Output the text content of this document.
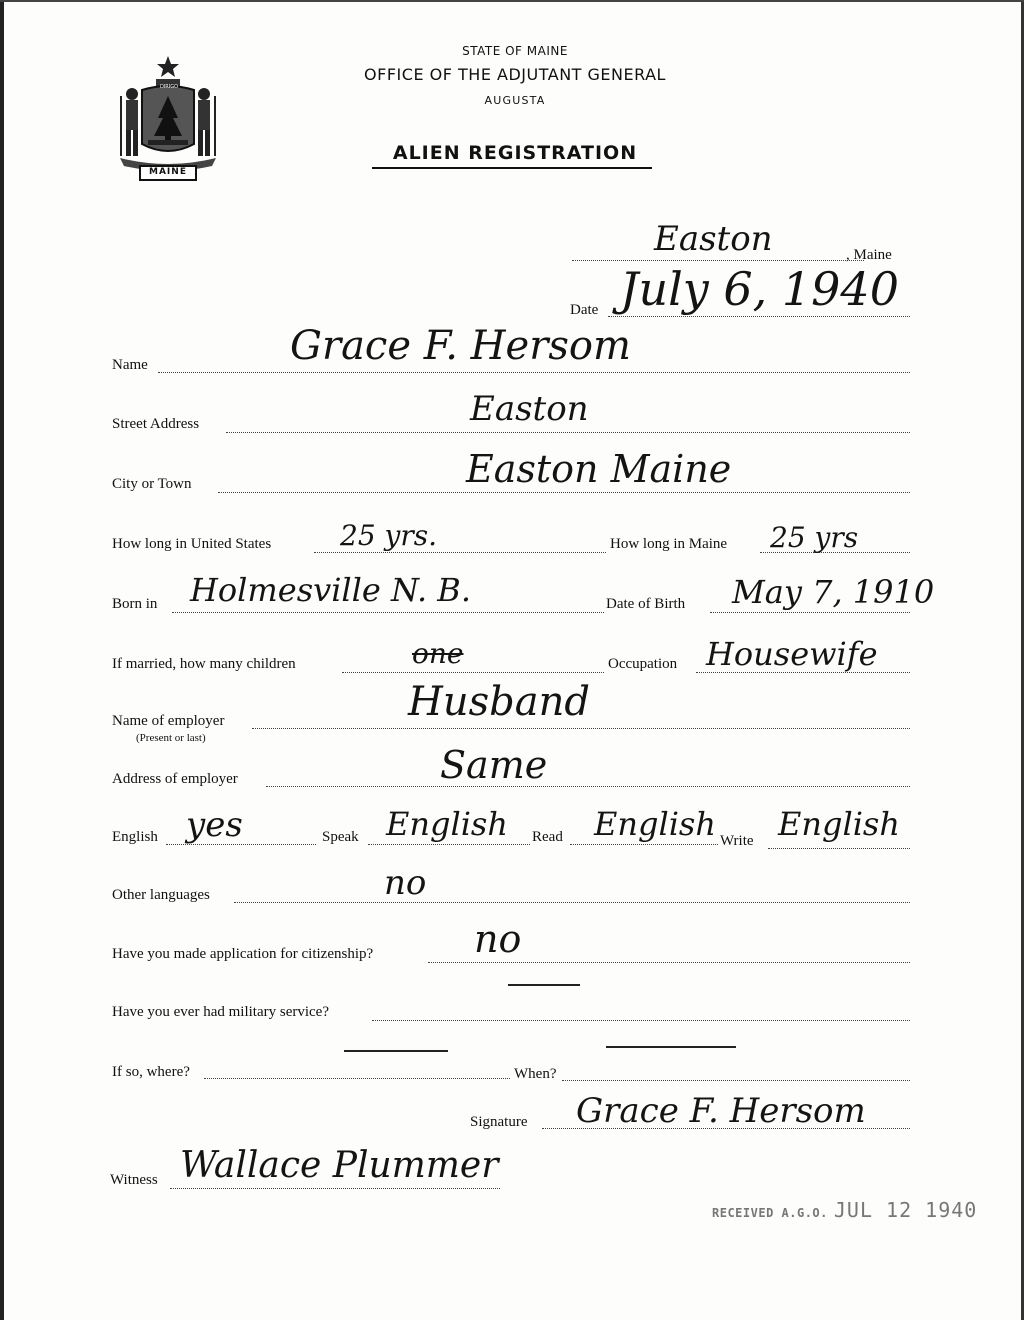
MAINE
DIRIGO
STATE OF MAINE
OFFICE OF THE ADJUTANT GENERAL
AUGUSTA
ALIEN REGISTRATION
, Maine
Easton
Date July 6, 1940
Name	Grace F. Hersom
Street Address	Easton
City or Town	Easton Maine
How long in United States 25 yrs.	How long in Maine 25 yrs
Born in Holmesville N. B.	Date of Birth May 7, 1910
If married, how many children	one	Occupation Housewife
Name of employer
(Present or last)
Husband
Address of employer	Same
English yes	Speak English Read English Write English
Other languages	no
Have you made application for citizenship?	no
Have you ever had military service?
If so, where?	When?
Signature Grace F. Hersom
Witness Wallace Plummer
RECEIVED A.G.O. JUL 12 1940
